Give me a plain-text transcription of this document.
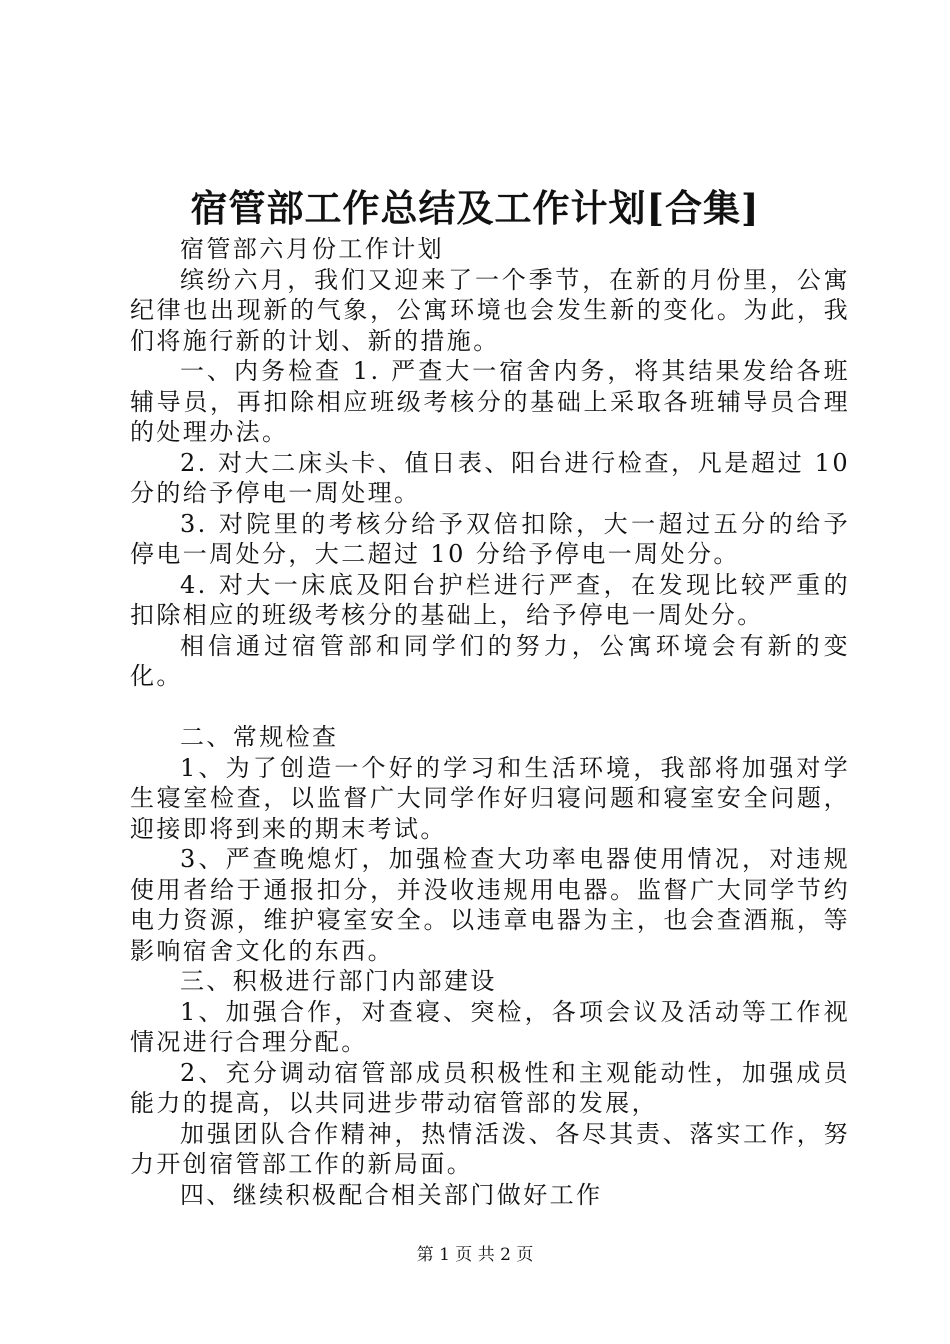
宿管部工作总结及工作计划[合集]

宿管部六月份工作计划

缤纷六月，我们又迎来了一个季节，在新的月份里，公寓纪律也出现新的气象，公寓环境也会发生新的变化。为此，我们将施行新的计划、新的措施。

一、内务检查 1. 严查大一宿舍内务，将其结果发给各班辅导员，再扣除相应班级考核分的基础上采取各班辅导员合理的处理办法。

2. 对大二床头卡、值日表、阳台进行检查，凡是超过 10 分的给予停电一周处理。

3. 对院里的考核分给予双倍扣除，大一超过五分的给予停电一周处分，大二超过 10 分给予停电一周处分。

4. 对大一床底及阳台护栏进行严查，在发现比较严重的扣除相应的班级考核分的基础上，给予停电一周处分。

相信通过宿管部和同学们的努力，公寓环境会有新的变化。

二、常规检查

1、为了创造一个好的学习和生活环境，我部将加强对学生寝室检查，以监督广大同学作好归寝问题和寝室安全问题，迎接即将到来的期末考试。

3、严查晚熄灯，加强检查大功率电器使用情况，对违规使用者给于通报扣分，并没收违规用电器。监督广大同学节约电力资源，维护寝室安全。以违章电器为主，也会查酒瓶，等影响宿舍文化的东西。

三、积极进行部门内部建设

1、加强合作，对查寝、突检，各项会议及活动等工作视情况进行合理分配。

2、充分调动宿管部成员积极性和主观能动性，加强成员能力的提高，以共同进步带动宿管部的发展，

加强团队合作精神，热情活泼、各尽其责、落实工作，努力开创宿管部工作的新局面。

四、继续积极配合相关部门做好工作

第 1 页 共 2 页
